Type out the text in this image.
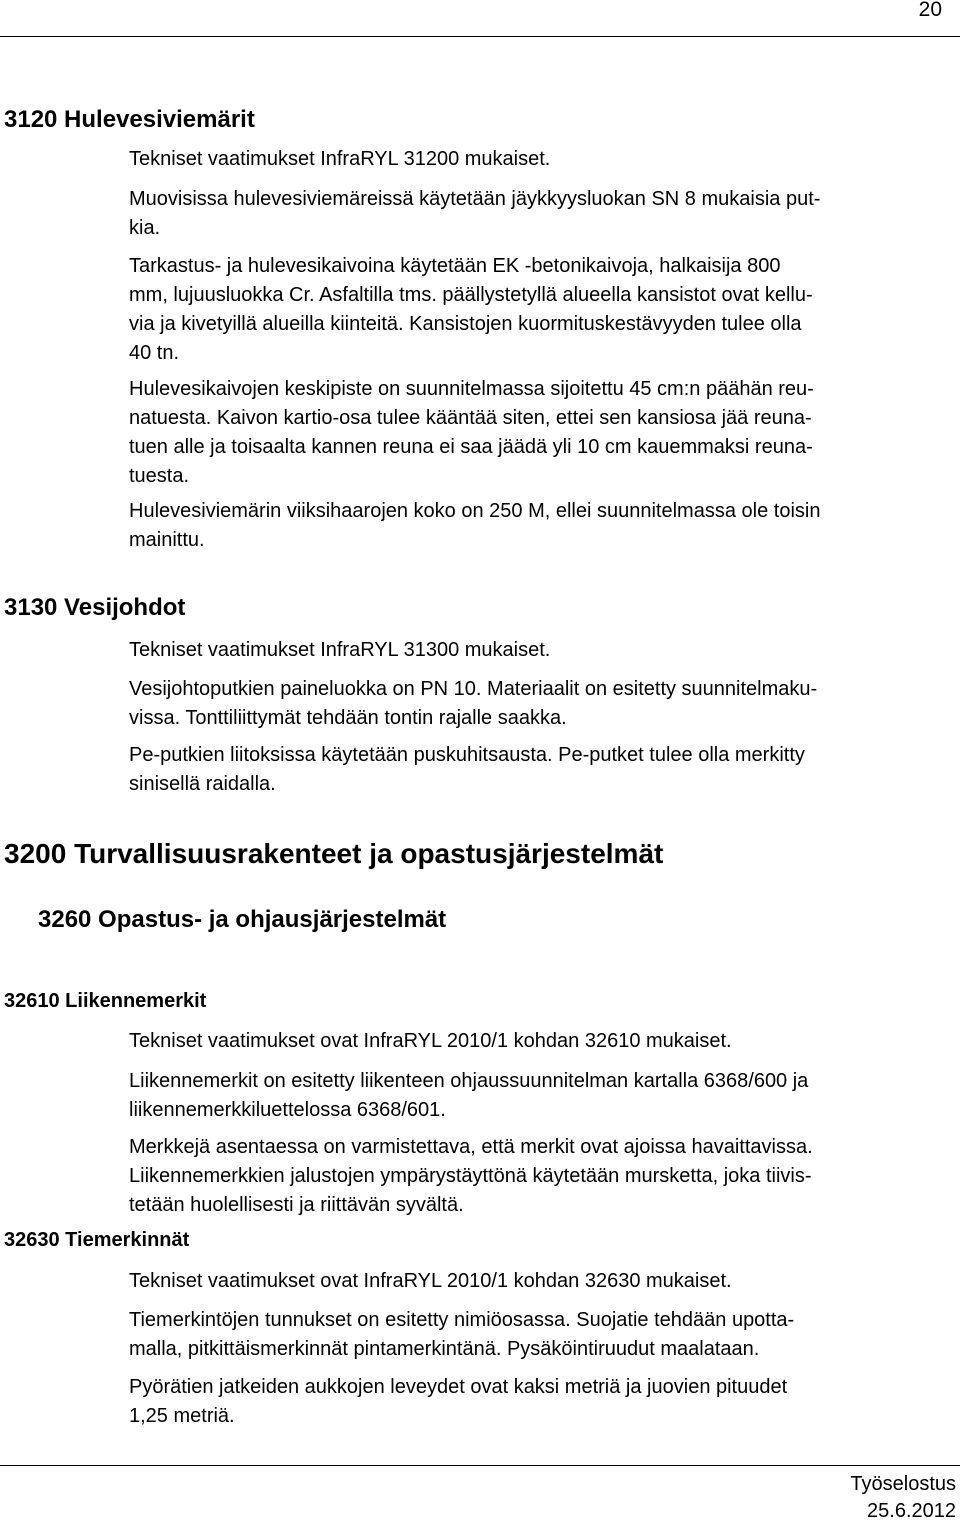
20
3120 Hulevesiviemärit

Tekniset vaatimukset InfraRYL 31200 mukaiset.

Muovisissa hulevesiviemäreissä käytetään jäykkyysluokan SN 8 mukaisia put-
kia.

Tarkastus- ja hulevesikaivoina käytetään EK -betonikaivoja, halkaisija 800
mm, lujuusluokka Cr. Asfaltilla tms. päällystetyllä alueella kansistot ovat kellu-
via ja kivetyillä alueilla kiinteitä. Kansistojen kuormituskestävyyden tulee olla
40 tn.

Hulevesikaivojen keskipiste on suunnitelmassa sijoitettu 45 cm:n päähän reu-
natuesta. Kaivon kartio-osa tulee kääntää siten, ettei sen kansiosa jää reuna-
tuen alle ja toisaalta kannen reuna ei saa jäädä yli 10 cm kauemmaksi reuna-
tuesta.

Hulevesiviemärin viiksihaarojen koko on 250 M, ellei suunnitelmassa ole toisin
mainittu.

3130 Vesijohdot

Tekniset vaatimukset InfraRYL 31300 mukaiset.

Vesijohtoputkien paineluokka on PN 10. Materiaalit on esitetty suunnitelmaku-
vissa. Tonttiliittymät tehdään tontin rajalle saakka.

Pe-putkien liitoksissa käytetään puskuhitsausta. Pe-putket tulee olla merkitty
sinisellä raidalla.

3200 Turvallisuusrakenteet ja opastusjärjestelmät
3260 Opastus- ja ohjausjärjestelmät
32610 Liikennemerkit

Tekniset vaatimukset ovat InfraRYL 2010/1 kohdan 32610 mukaiset.

Liikennemerkit on esitetty liikenteen ohjaussuunnitelman kartalla 6368/600 ja
liikennemerkkiluettelossa 6368/601.

Merkkejä asentaessa on varmistettava, että merkit ovat ajoissa havaittavissa.
Liikennemerkkien jalustojen ympärystäyttönä käytetään mursketta, joka tiivis-
tetään huolellisesti ja riittävän syvältä.

32630 Tiemerkinnät

Tekniset vaatimukset ovat InfraRYL 2010/1 kohdan 32630 mukaiset.

Tiemerkintöjen tunnukset on esitetty nimiöosassa. Suojatie tehdään upotta-
malla, pitkittäismerkinnät pintamerkintänä. Pysäköintiruudut maalataan.

Pyörätien jatkeiden aukkojen leveydet ovat kaksi metriä ja juovien pituudet
1,25 metriä.

Työselostus
25.6.2012
